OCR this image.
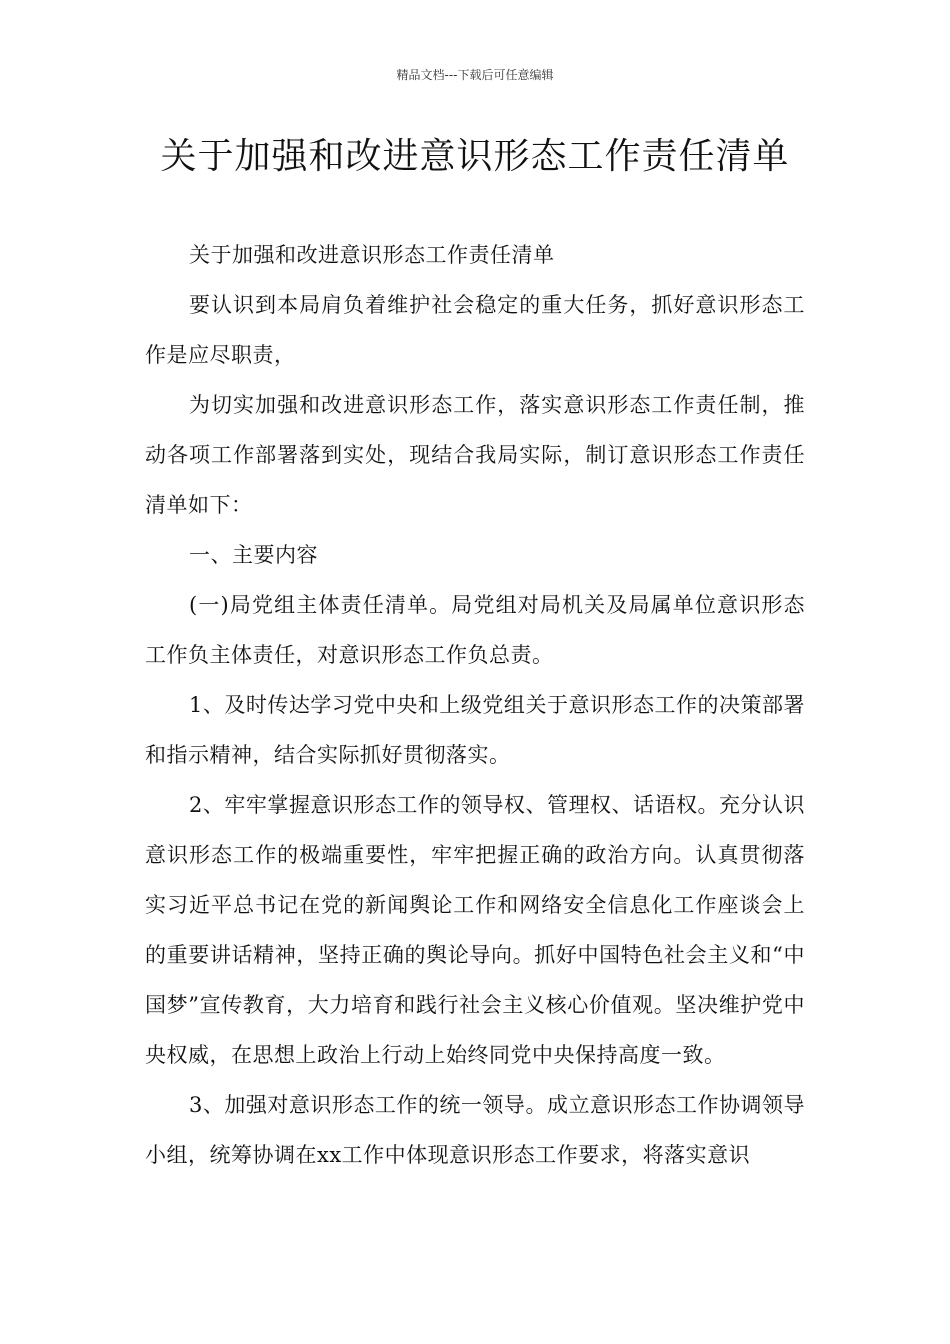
精品文档---下载后可任意编辑
关于加强和改进意识形态工作责任清单

关于加强和改进意识形态工作责任清单

要认识到本局肩负着维护社会稳定的重大任务，抓好意识形态工作是应尽职责，

为切实加强和改进意识形态工作，落实意识形态工作责任制，推动各项工作部署落到实处，现结合我局实际，制订意识形态工作责任清单如下：

一、主要内容

(一)局党组主体责任清单。局党组对局机关及局属单位意识形态工作负主体责任，对意识形态工作负总责。

1、及时传达学习党中央和上级党组关于意识形态工作的决策部署和指示精神，结合实际抓好贯彻落实。

2、牢牢掌握意识形态工作的领导权、管理权、话语权。充分认识意识形态工作的极端重要性，牢牢把握正确的政治方向。认真贯彻落实习近平总书记在党的新闻舆论工作和网络安全信息化工作座谈会上的重要讲话精神，坚持正确的舆论导向。抓好中国特色社会主义和“中国梦”宣传教育，大力培育和践行社会主义核心价值观。坚决维护党中央权威，在思想上政治上行动上始终同党中央保持高度一致。

3、加强对意识形态工作的统一领导。成立意识形态工作协调领导小组，统筹协调在xx工作中体现意识形态工作要求，将落实意识
